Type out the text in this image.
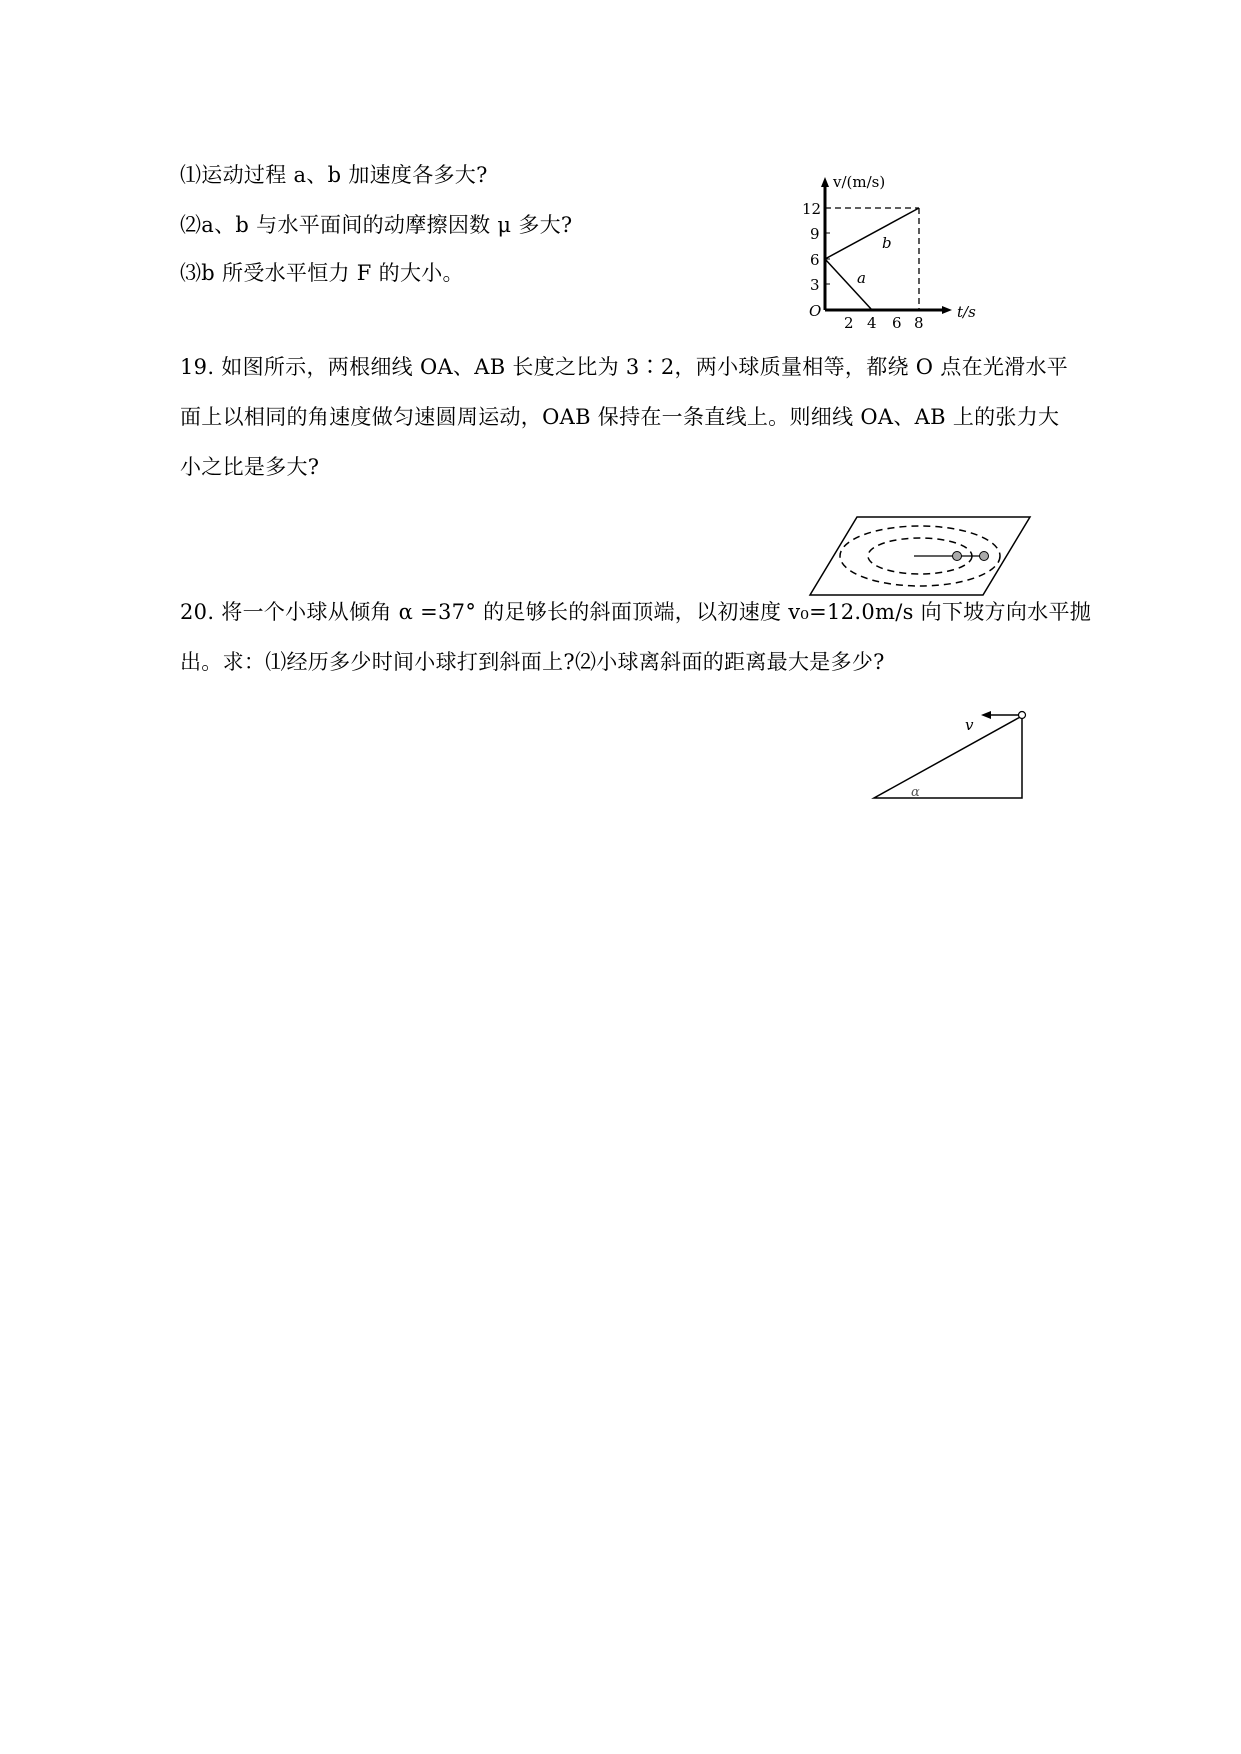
⑴运动过程 a、b 加速度各多大?
⑵a、b 与水平面间的动摩擦因数 μ 多大?
⑶b 所受水平恒力 F 的大小。
v/(m/s)
t/s
O
12
9
6
3
2 4 6 8
a
b
19. 如图所示，两根细线 OA、AB 长度之比为 3∶2，两小球质量相等，都绕 O 点在光滑水平
面上以相同的角速度做匀速圆周运动，OAB 保持在一条直线上。则细线 OA、AB 上的张力大
小之比是多大?
20. 将一个小球从倾角 α =37° 的足够长的斜面顶端，以初速度 v₀=12.0m/s 向下坡方向水平抛
出。求：⑴经历多少时间小球打到斜面上?⑵小球离斜面的距离最大是多少?
v
α
